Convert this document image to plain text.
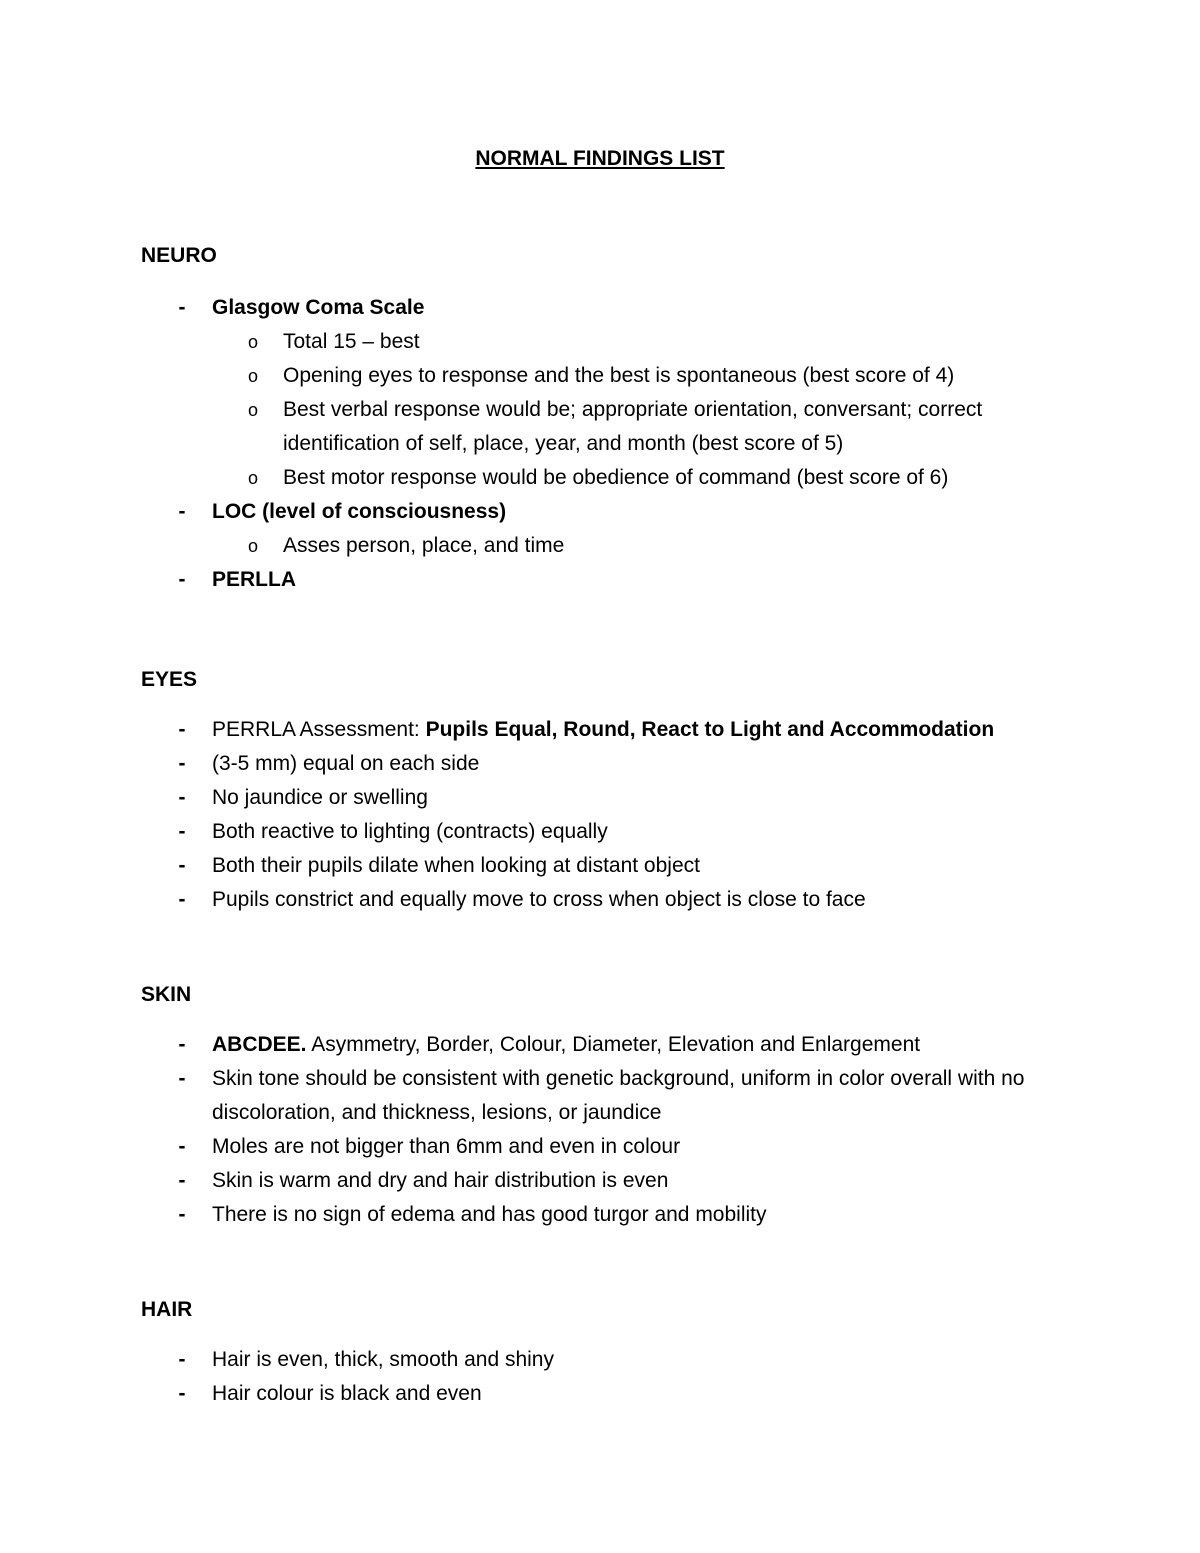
NORMAL FINDINGS LIST
NEURO
- Glasgow Coma Scale
o Total 15 – best
o Opening eyes to response and the best is spontaneous (best score of 4)
o Best verbal response would be; appropriate orientation, conversant; correct identification of self, place, year, and month (best score of 5)
o Best motor response would be obedience of command (best score of 6)
- LOC (level of consciousness)
o Asses person, place, and time
- PERLLA
EYES
- PERRLA Assessment: Pupils Equal, Round, React to Light and Accommodation
- (3-5 mm) equal on each side
- No jaundice or swelling
- Both reactive to lighting (contracts) equally
- Both their pupils dilate when looking at distant object
- Pupils constrict and equally move to cross when object is close to face
SKIN
- ABCDEE. Asymmetry, Border, Colour, Diameter, Elevation and Enlargement
- Skin tone should be consistent with genetic background, uniform in color overall with no discoloration, and thickness, lesions, or jaundice
- Moles are not bigger than 6mm and even in colour
- Skin is warm and dry and hair distribution is even
- There is no sign of edema and has good turgor and mobility
HAIR
- Hair is even, thick, smooth and shiny
- Hair colour is black and even
